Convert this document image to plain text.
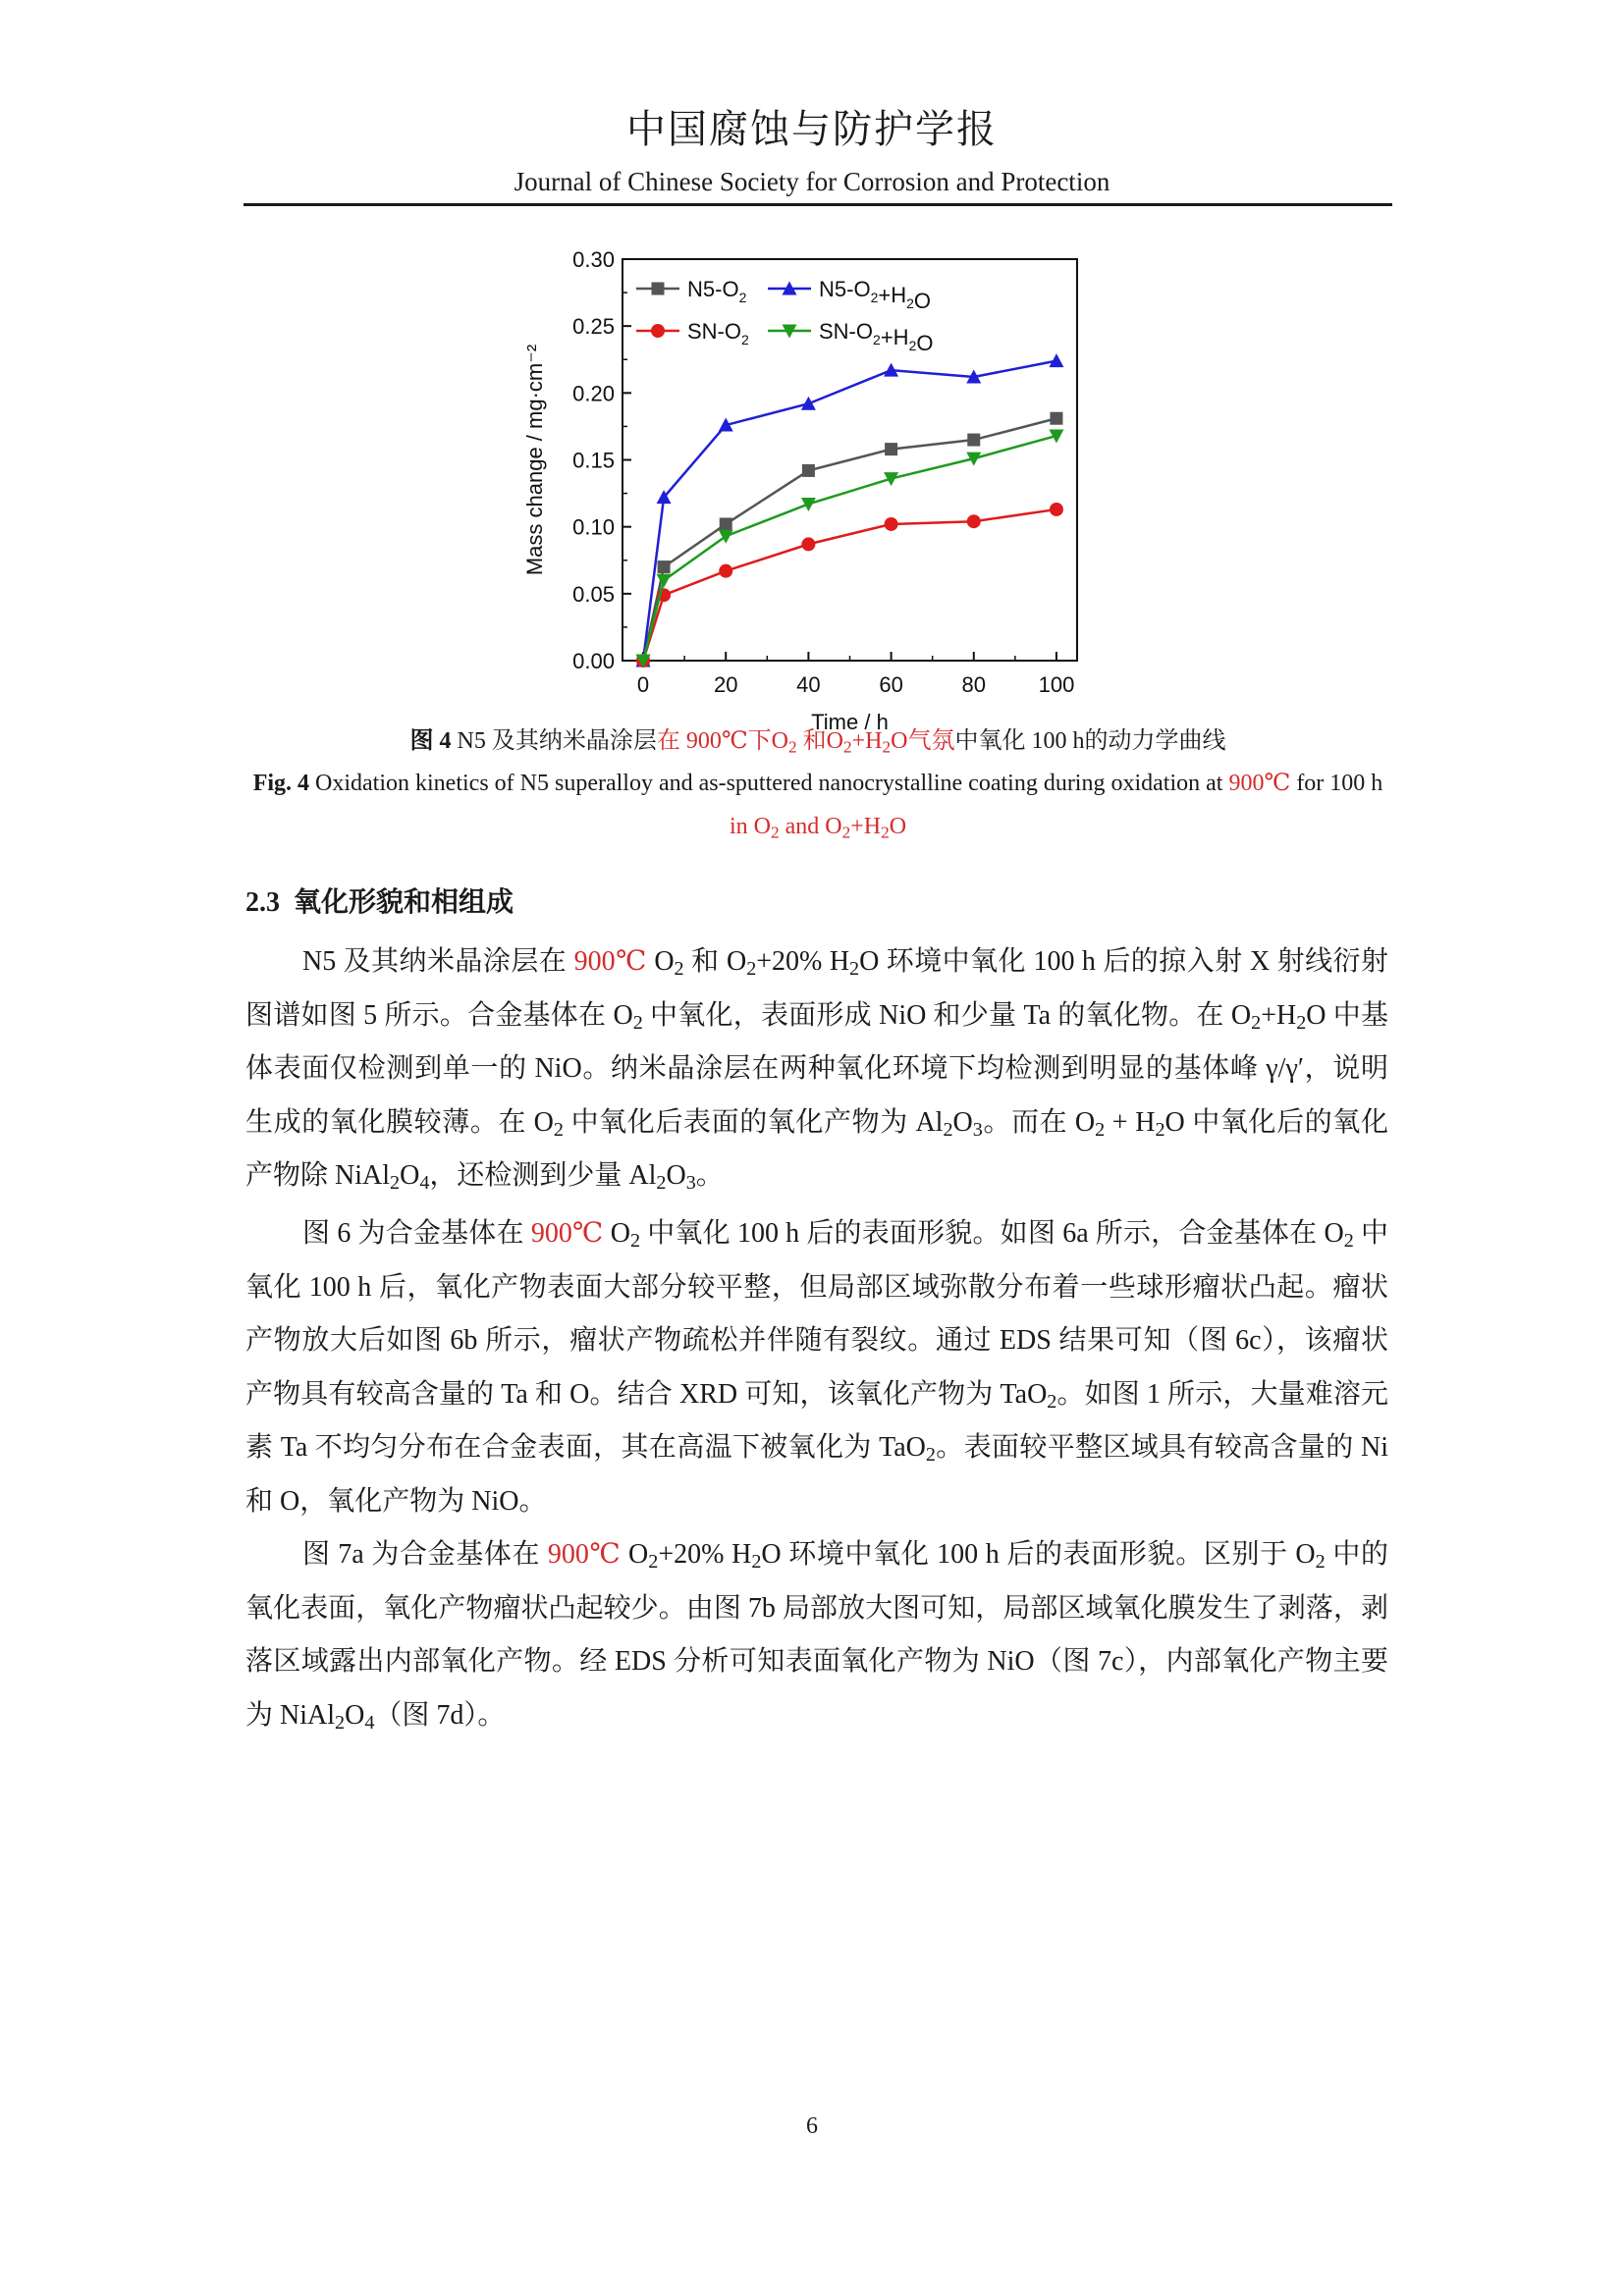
中国腐蚀与防护学报
Journal of Chinese Society for Corrosion and Protection
0.00
0.05
0.10
0.15
0.20
0.25
0.30
0	20	40	60	80 100
Time / h
Mass change / mg·cm⁻²
$N5-O_2$	$N5-O_2+H_2O$
$SN-O_2$	$SN-O_2+H_2O$
图 4 N5 及其纳米晶涂层在 900℃下$O_2$ 和$O_2+H_2O$气氛中氧化 100 h的动力学曲线
Fig. 4 Oxidation kinetics of N5 superalloy and as-sputtered nanocrystalline coating during oxidation at 900℃ for 100 h in $O_2$ and $O_2+H_2O$
2.3 氧化形貌和相组成

N5 及其纳米晶涂层在 900℃ $O_2$ 和 $O_2+20\%$ $H_2O$ 环境中氧化 100 h 后的掠入射 X 射线衍射图谱如图 5 所示。合金基体在 $O_2$ 中氧化，表面形成 NiO 和少量 Ta 的氧化物。在 $O_2+H_2O$ 中基体表面仅检测到单一的 NiO。纳米晶涂层在两种氧化环境下均检测到明显的基体峰 γ/γ′，说明生成的氧化膜较薄。在 $O_2$ 中氧化后表面的氧化产物为 $Al_2O_3$。而在 $O_2 + H_2O$ 中氧化后的氧化产物除 $NiAl_2O_4$，还检测到少量 $Al_2O_3$。

图 6 为合金基体在 900℃ $O_2$ 中氧化 100 h 后的表面形貌。如图 6a 所示，合金基体在 $O_2$ 中氧化 100 h 后，氧化产物表面大部分较平整，但局部区域弥散分布着一些球形瘤状凸起。瘤状产物放大后如图 6b 所示，瘤状产物疏松并伴随有裂纹。通过 EDS 结果可知（图 6c），该瘤状产物具有较高含量的 Ta 和 O。结合 XRD 可知，该氧化产物为 TaO$_2$。如图 1 所示，大量难溶元素 Ta 不均匀分布在合金表面，其在高温下被氧化为 TaO$_2$。表面较平整区域具有较高含量的 Ni 和 O，氧化产物为 NiO。

图 7a 为合金基体在 900℃ $O_2+20\%$ $H_2O$ 环境中氧化 100 h 后的表面形貌。区别于 $O_2$ 中的氧化表面，氧化产物瘤状凸起较少。由图 7b 局部放大图可知，局部区域氧化膜发生了剥落，剥落区域露出内部氧化产物。经 EDS 分析可知表面氧化产物为 NiO（图 7c），内部氧化产物主要为 $NiAl_2O_4$（图 7d）。

6
